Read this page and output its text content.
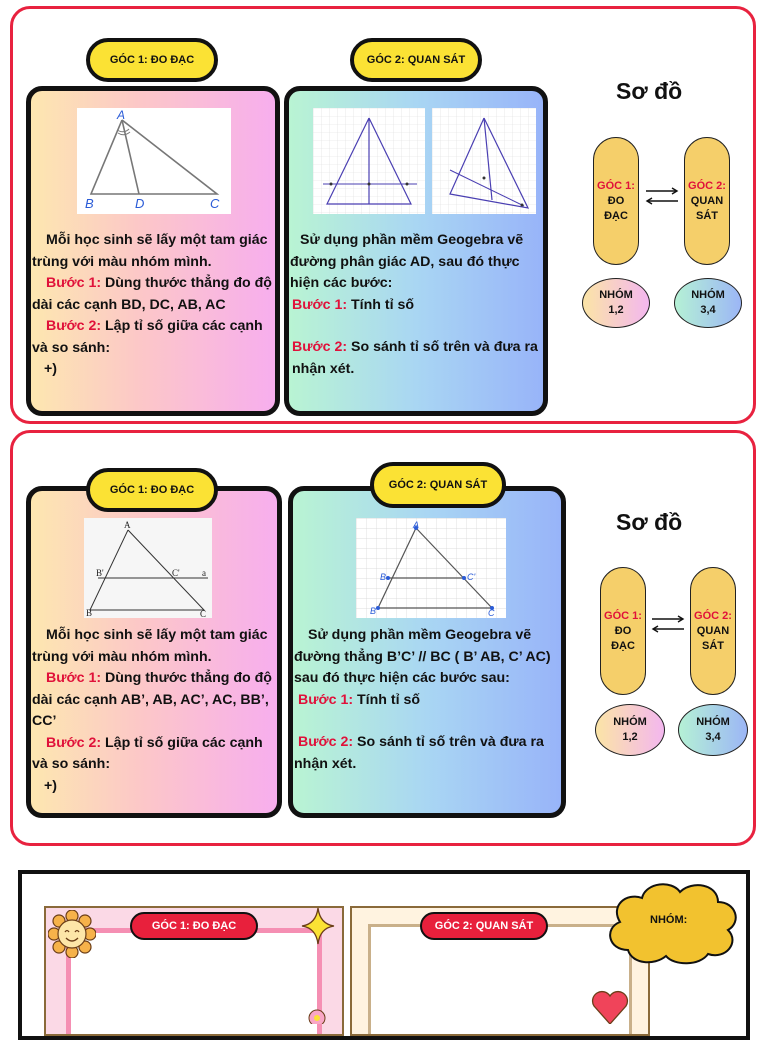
GÓC 1: ĐO ĐẠC	GÓC 2: QUAN SÁT
A
B	D	C
Mỗi học sinh sẽ lấy một tam giác trùng với màu nhóm mình.
Bước 1: Dùng thước thẳng đo độ dài các cạnh BD, DC, AB, AC
Bước 2: Lập tỉ số giữa các cạnh và so sánh:
+)
Sử dụng phần mềm Geogebra vẽ đường phân giác AD, sau đó thực hiện các bước:
Bước 1: Tính tỉ số
Bước 2: So sánh tỉ số trên và đưa ra nhận xét.
Sơ đồ
GÓC 1:
ĐO ĐẠC
GÓC 2:
QUAN SÁT
NHÓM 1,2
NHÓM 3,4
GÓC 1: ĐO ĐẠC	GÓC 2: QUAN SÁT
A
B'	C' a
B	C
A
B	C'
B	C
Mỗi học sinh sẽ lấy một tam giác trùng với màu nhóm mình.
Bước 1: Dùng thước thẳng đo độ dài các cạnh AB’, AB, AC’, AC, BB’, CC’
Bước 2: Lập tỉ số giữa các cạnh và so sánh:
+)
Sử dụng phần mềm Geogebra vẽ đường thẳng B’C’ // BC ( B’ AB, C’ AC) sau đó thực hiện các bước sau:
Bước 1: Tính tỉ số
Bước 2: So sánh tỉ số trên và đưa ra nhận xét.
Sơ đồ
GÓC 1:
ĐO ĐẠC
GÓC 2:
QUAN SÁT
NHÓM 1,2
NHÓM 3,4
GÓC 1: ĐO ĐẠC	GÓC 2: QUAN SÁT	NHÓM:
